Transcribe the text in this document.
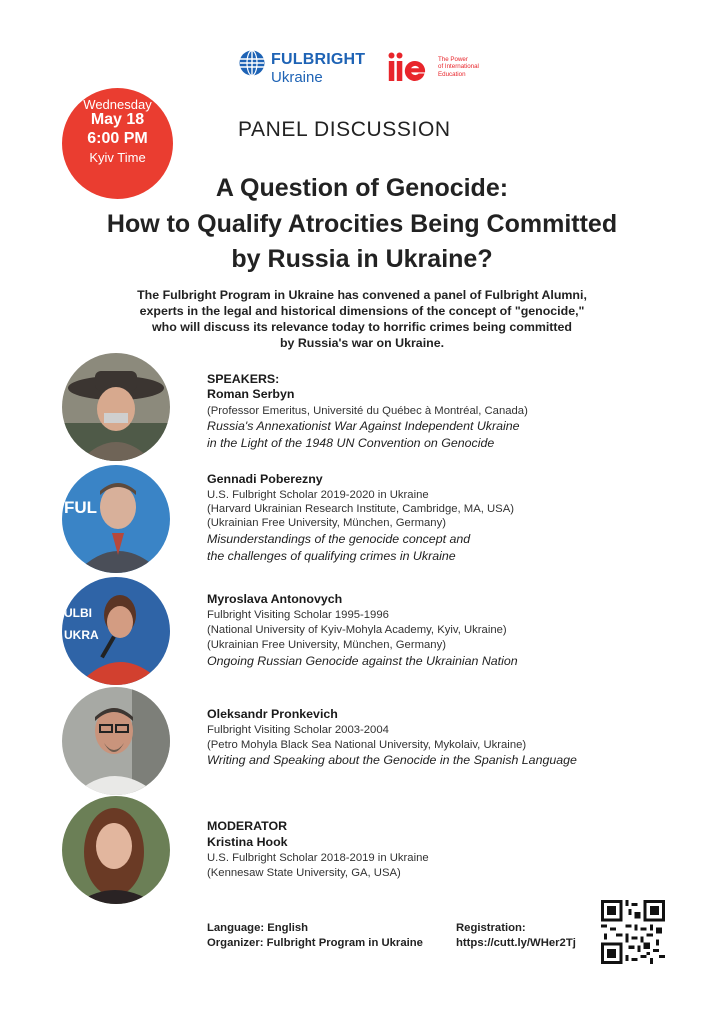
FULBRIGHT
Ukraine
The Power
of International
Education
Wednesday
May 18
6:00 PM
Kyiv Time
PANEL DISCUSSION
A Question of Genocide:
How to Qualify Atrocities Being Committed
by Russia in Ukraine?
The Fulbright Program in Ukraine has convened a panel of Fulbright Alumni,
experts in the legal and historical dimensions of the concept of "genocide,"
who will discuss its relevance today to horrific crimes being committed
by Russia's war on Ukraine.
FUL
ULBI
UKRA
SPEAKERS:
Roman Serbyn
(Professor Emeritus, Université du Québec à Montréal, Canada)
Russia's Annexationist War Against Independent Ukraine
in the Light of the 1948 UN Convention on Genocide
Gennadi Poberezny
U.S. Fulbright Scholar 2019-2020 in Ukraine
(Harvard Ukrainian Research Institute, Cambridge, MA, USA)
(Ukrainian Free University, München, Germany)
Misunderstandings of the genocide concept and
the challenges of qualifying crimes in Ukraine
Myroslava Antonovych
Fulbright Visiting Scholar 1995-1996
(National University of Kyiv-Mohyla Academy, Kyiv, Ukraine)
(Ukrainian Free University, München, Germany)
Ongoing Russian Genocide against the Ukrainian Nation
Oleksandr Pronkevich
Fulbright Visiting Scholar 2003-2004
(Petro Mohyla Black Sea National University, Mykolaiv, Ukraine)
Writing and Speaking about the Genocide in the Spanish Language
MODERATOR
Kristina Hook
U.S. Fulbright Scholar 2018-2019 in Ukraine
(Kennesaw State University, GA, USA)
Language: English
Organizer: Fulbright Program in Ukraine
Registration:
https://cutt.ly/WHer2Tj
